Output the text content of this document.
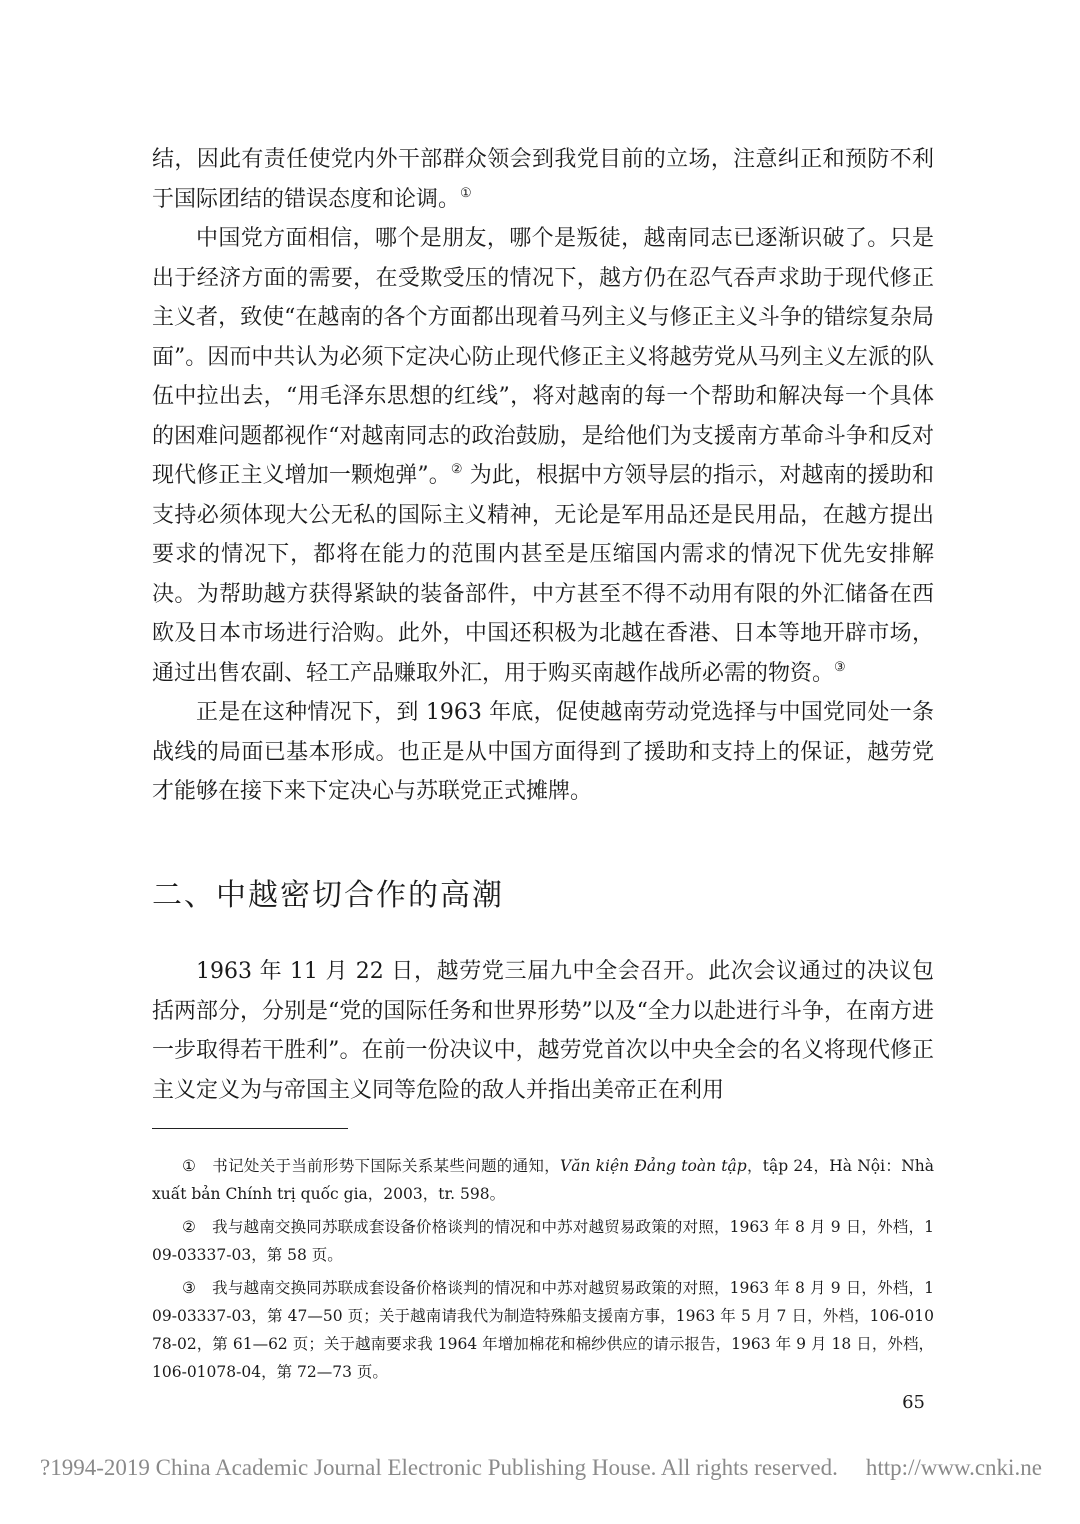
结，因此有责任使党内外干部群众领会到我党目前的立场，注意纠正和预防不利于国际团结的错误态度和论调。①

中国党方面相信，哪个是朋友，哪个是叛徒，越南同志已逐渐识破了。只是出于经济方面的需要，在受欺受压的情况下，越方仍在忍气吞声求助于现代修正主义者，致使“在越南的各个方面都出现着马列主义与修正主义斗争的错综复杂局面”。因而中共认为必须下定决心防止现代修正主义将越劳党从马列主义左派的队伍中拉出去，“用毛泽东思想的红线”，将对越南的每一个帮助和解决每一个具体的困难问题都视作“对越南同志的政治鼓励，是给他们为支援南方革命斗争和反对现代修正主义增加一颗炮弹”。② 为此，根据中方领导层的指示，对越南的援助和支持必须体现大公无私的国际主义精神，无论是军用品还是民用品，在越方提出要求的情况下，都将在能力的范围内甚至是压缩国内需求的情况下优先安排解决。为帮助越方获得紧缺的装备部件，中方甚至不得不动用有限的外汇储备在西欧及日本市场进行洽购。此外，中国还积极为北越在香港、日本等地开辟市场，通过出售农副、轻工产品赚取外汇，用于购买南越作战所必需的物资。③

正是在这种情况下，到 1963 年底，促使越南劳动党选择与中国党同处一条战线的局面已基本形成。也正是从中国方面得到了援助和支持上的保证，越劳党才能够在接下来下定决心与苏联党正式摊牌。

二、中越密切合作的高潮

1963 年 11 月 22 日，越劳党三届九中全会召开。此次会议通过的决议包括两部分，分别是“党的国际任务和世界形势”以及“全力以赴进行斗争，在南方进一步取得若干胜利”。在前一份决议中，越劳党首次以中央全会的名义将现代修正主义定义为与帝国主义同等危险的敌人并指出美帝正在利用

① 书记处关于当前形势下国际关系某些问题的通知，Văn kiện Đảng toàn tập，tập 24，Hà Nội：Nhà xuất bản Chính trị quốc gia，2003，tr. 598。

② 我与越南交换同苏联成套设备价格谈判的情况和中苏对越贸易政策的对照，1963 年 8 月 9 日，外档，109-03337-03，第 58 页。

③ 我与越南交换同苏联成套设备价格谈判的情况和中苏对越贸易政策的对照，1963 年 8 月 9 日，外档，109-03337-03，第 47—50 页；关于越南请我代为制造特殊船支援南方事，1963 年 5 月 7 日，外档，106-01078-02，第 61—62 页；关于越南要求我 1964 年增加棉花和棉纱供应的请示报告，1963 年 9 月 18 日，外档，106-01078-04，第 72—73 页。

65
?1994-2019 China Academic Journal Electronic Publishing House. All rights reserved. http://www.cnki.ne
